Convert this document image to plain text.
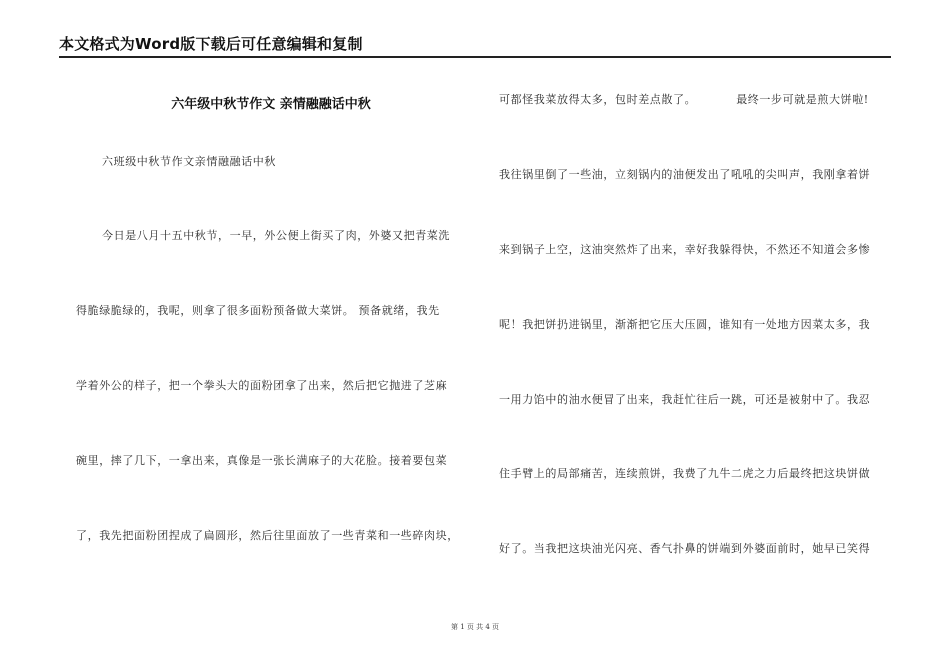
本文格式为Word版下载后可任意编辑和复制
六年级中秋节作文 亲情融融话中秋
六班级中秋节作文亲情融融话中秋
今日是八月十五中秋节，一早，外公便上街买了肉，外婆又把青菜洗
得脆绿脆绿的，我呢，则拿了很多面粉预备做大菜饼。 预备就绪，我先
学着外公的样子，把一个拳头大的面粉团拿了出来，然后把它抛进了芝麻
碗里，摔了几下，一拿出来，真像是一张长满麻子的大花脸。接着要包菜
了，我先把面粉团捏成了扁圆形，然后往里面放了一些青菜和一些碎肉块，
可都怪我菜放得太多，包时差点散了。	最终一步可就是煎大饼啦!
我往锅里倒了一些油，立刻锅内的油便发出了吼吼的尖叫声，我刚拿着饼
来到锅子上空，这油突然炸了出来，幸好我躲得快，不然还不知道会多惨
呢！我把饼扔进锅里，渐渐把它压大压圆，谁知有一处地方因菜太多，我
一用力馅中的油水便冒了出来，我赶忙往后一跳，可还是被射中了。我忍
住手臂上的局部痛苦，连续煎饼，我费了九牛二虎之力后最终把这块饼做
好了。当我把这块油光闪亮、香气扑鼻的饼端到外婆面前时，她早已笑得
第 1 页 共 4 页
